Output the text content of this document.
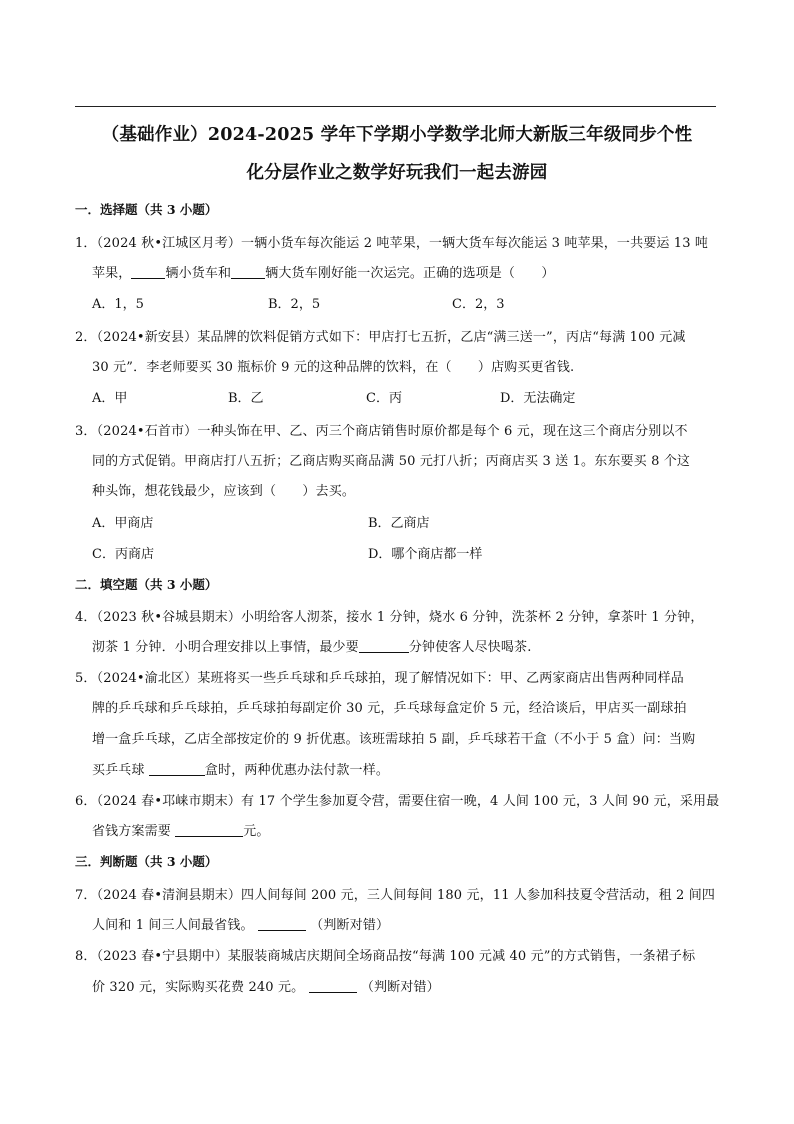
（基础作业）2024-2025 学年下学期小学数学北师大新版三年级同步个性
化分层作业之数学好玩我们一起去游园
一．选择题（共 3 小题）
1．（2024 秋•江城区月考）一辆小货车每次能运 2 吨苹果，一辆大货车每次能运 3 吨苹果，一共要运 13 吨
苹果，	辆小货车和	辆大货车刚好能一次运完。正确的选项是（　　）
A．1，5	B．2，5	C．2，3
2．（2024•新安县）某品牌的饮料促销方式如下：甲店打七五折，乙店“满三送一”，丙店“每满 100 元减
30 元”．李老师要买 30 瓶标价 9 元的这种品牌的饮料，在（　　）店购买更省钱.
A．甲	B．乙	C．丙	D．无法确定
3．（2024•石首市）一种头饰在甲、乙、丙三个商店销售时原价都是每个 6 元，现在这三个商店分别以不
同的方式促销。甲商店打八五折；乙商店购买商品满 50 元打八折；丙商店买 3 送 1。东东要买 8 个这
种头饰，想花钱最少，应该到（　　）去买。
A．甲商店	B．乙商店
C．丙商店	D．哪个商店都一样
二．填空题（共 3 小题）
4．（2023 秋•谷城县期末）小明给客人沏茶，接水 1 分钟，烧水 6 分钟，洗茶杯 2 分钟，拿茶叶 1 分钟，
沏茶 1 分钟．小明合理安排以上事情，最少要	分钟使客人尽快喝茶.
5．（2024•渝北区）某班将买一些乒乓球和乒乓球拍，现了解情况如下：甲、乙两家商店出售两种同样品
牌的乒乓球和乒乓球拍，乒乓球拍每副定价 30 元，乒乓球每盒定价 5 元，经洽谈后，甲店买一副球拍
增一盒乒乓球，乙店全部按定价的 9 折优惠。该班需球拍 5 副，乒乓球若干盒（不小于 5 盒）问：当购
买乒乓球	盒时，两种优惠办法付款一样。
6．（2024 春•邛崃市期末）有 17 个学生参加夏令营，需要住宿一晚，4 人间 100 元，3 人间 90 元，采用最
省钱方案需要	元。
三．判断题（共 3 小题）
7．（2024 春•清涧县期末）四人间每间 200 元，三人间每间 180 元，11 人参加科技夏令营活动，租 2 间四
人间和 1 间三人间最省钱。	（判断对错）
8．（2023 春•宁县期中）某服装商城店庆期间全场商品按“每满 100 元减 40 元”的方式销售，一条裙子标
价 320 元，实际购买花费 240 元。	（判断对错）
